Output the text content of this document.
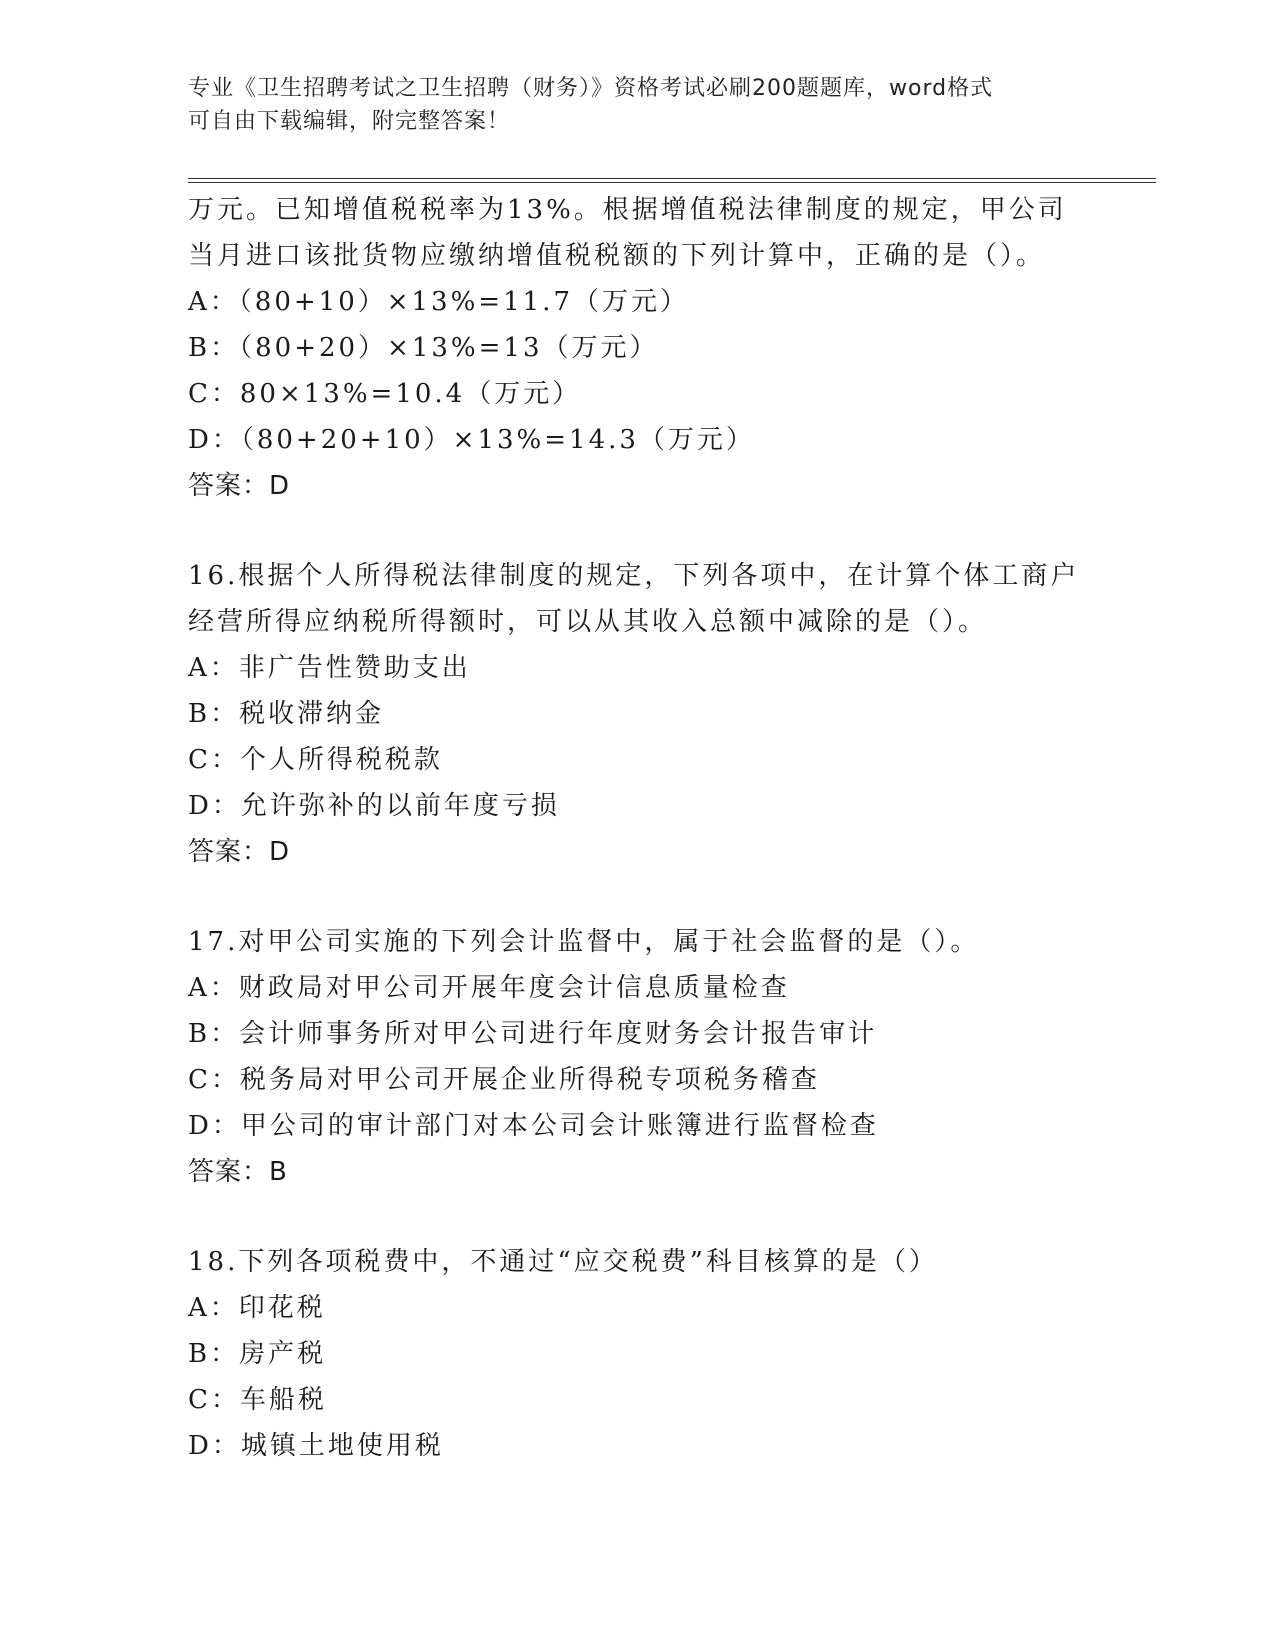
专业《卫生招聘考试之卫生招聘（财务）》资格考试必刷200题题库，word格式
可自由下载编辑，附完整答案！
万元。已知增值税税率为13%。根据增值税法律制度的规定，甲公司
当月进口该批货物应缴纳增值税税额的下列计算中，正确的是（）。
A：（80+10）×13%=11.7（万元）
B：（80+20）×13%=13（万元）
C：80×13%=10.4（万元）
D：（80+20+10）×13%=14.3（万元）
答案：D
16.根据个人所得税法律制度的规定，下列各项中，在计算个体工商户
经营所得应纳税所得额时，可以从其收入总额中减除的是（）。
A：非广告性赞助支出
B：税收滞纳金
C：个人所得税税款
D：允许弥补的以前年度亏损
答案：D
17.对甲公司实施的下列会计监督中，属于社会监督的是（）。
A：财政局对甲公司开展年度会计信息质量检查
B：会计师事务所对甲公司进行年度财务会计报告审计
C：税务局对甲公司开展企业所得税专项税务稽查
D：甲公司的审计部门对本公司会计账簿进行监督检查
答案：B
18.下列各项税费中，不通过“应交税费”科目核算的是（）
A：印花税
B：房产税
C：车船税
D：城镇土地使用税
